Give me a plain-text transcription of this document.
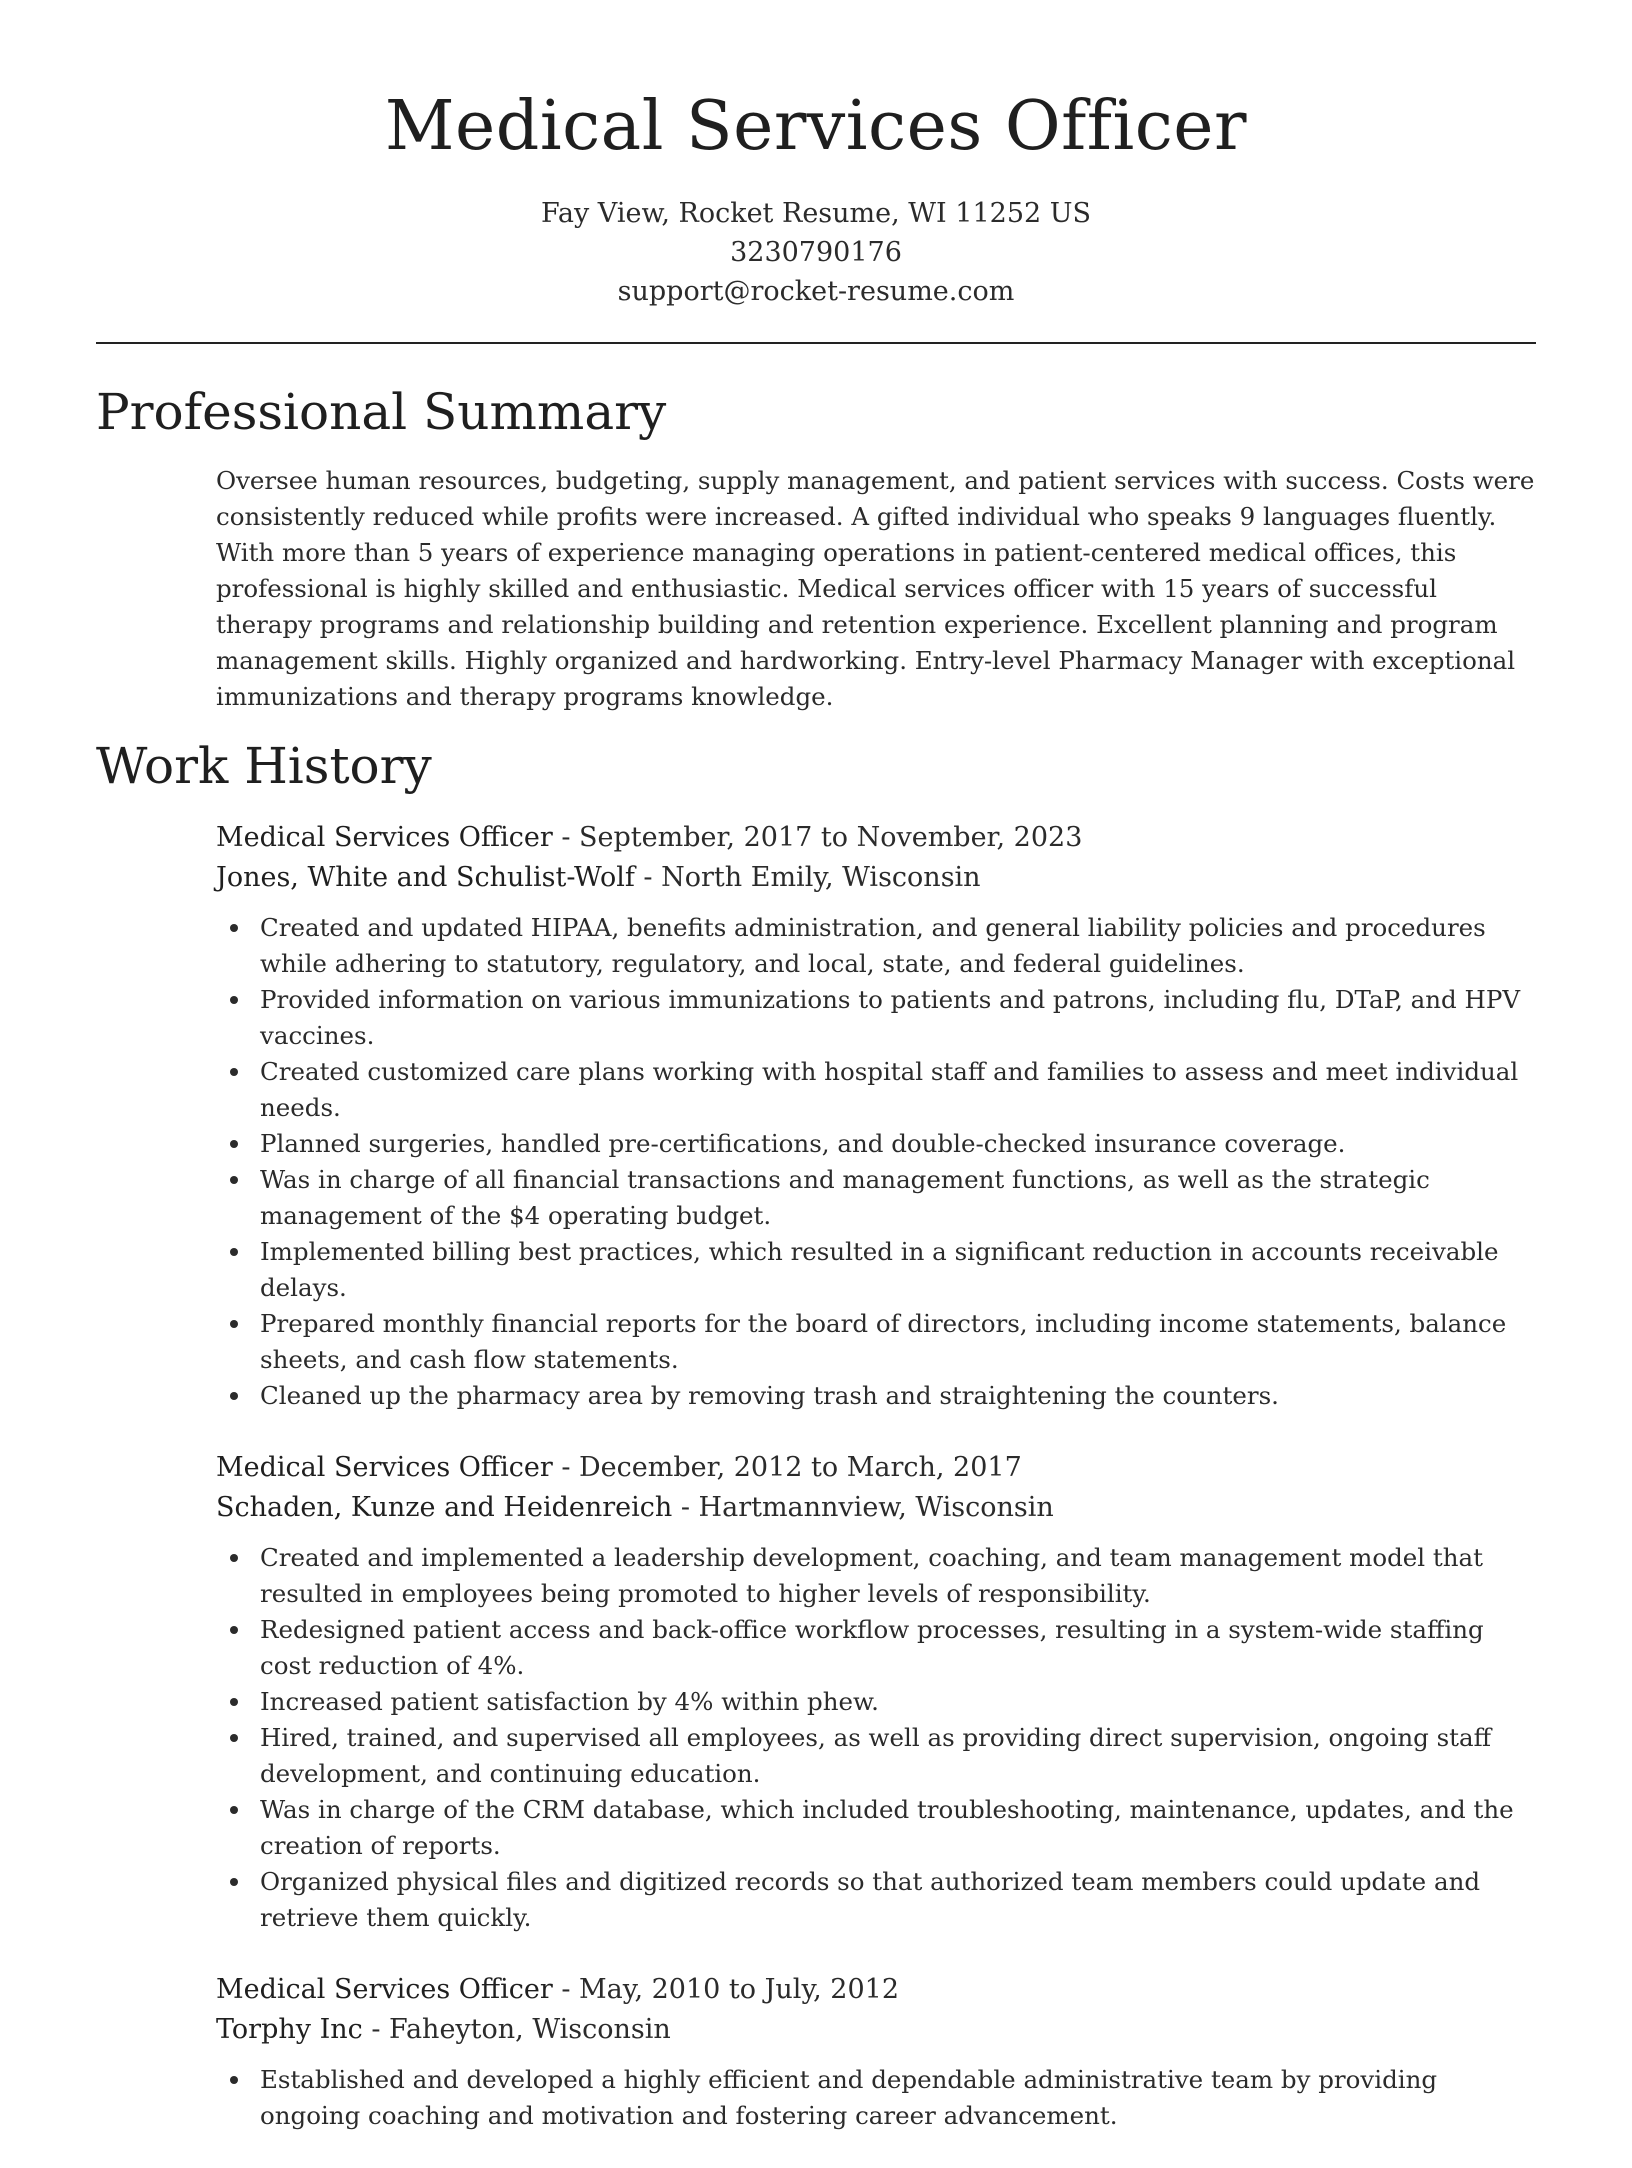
Medical Services Officer
Fay View, Rocket Resume, WI 11252 US
3230790176
support@rocket-resume.com
Professional Summary
Oversee human resources, budgeting, supply management, and patient services with success. Costs were consistently reduced while profits were increased. A gifted individual who speaks 9 languages fluently. With more than 5 years of experience managing operations in patient-centered medical offices, this professional is highly skilled and enthusiastic. Medical services officer with 15 years of successful therapy programs and relationship building and retention experience. Excellent planning and program management skills. Highly organized and hardworking. Entry-level Pharmacy Manager with exceptional immunizations and therapy programs knowledge.
Work History
Medical Services Officer - September, 2017 to November, 2023
Jones, White and Schulist-Wolf - North Emily, Wisconsin
Created and updated HIPAA, benefits administration, and general liability policies and procedures while adhering to statutory, regulatory, and local, state, and federal guidelines.
Provided information on various immunizations to patients and patrons, including flu, DTaP, and HPV vaccines.
Created customized care plans working with hospital staff and families to assess and meet individual needs.
Planned surgeries, handled pre-certifications, and double-checked insurance coverage.
Was in charge of all financial transactions and management functions, as well as the strategic management of the $4 operating budget.
Implemented billing best practices, which resulted in a significant reduction in accounts receivable delays.
Prepared monthly financial reports for the board of directors, including income statements, balance sheets, and cash flow statements.
Cleaned up the pharmacy area by removing trash and straightening the counters.
Medical Services Officer - December, 2012 to March, 2017
Schaden, Kunze and Heidenreich - Hartmannview, Wisconsin
Created and implemented a leadership development, coaching, and team management model that resulted in employees being promoted to higher levels of responsibility.
Redesigned patient access and back-office workflow processes, resulting in a system-wide staffing cost reduction of 4%.
Increased patient satisfaction by 4% within phew.
Hired, trained, and supervised all employees, as well as providing direct supervision, ongoing staff development, and continuing education.
Was in charge of the CRM database, which included troubleshooting, maintenance, updates, and the creation of reports.
Organized physical files and digitized records so that authorized team members could update and retrieve them quickly.
Medical Services Officer - May, 2010 to July, 2012
Torphy Inc - Faheyton, Wisconsin
Established and developed a highly efficient and dependable administrative team by providing ongoing coaching and motivation and fostering career advancement.
